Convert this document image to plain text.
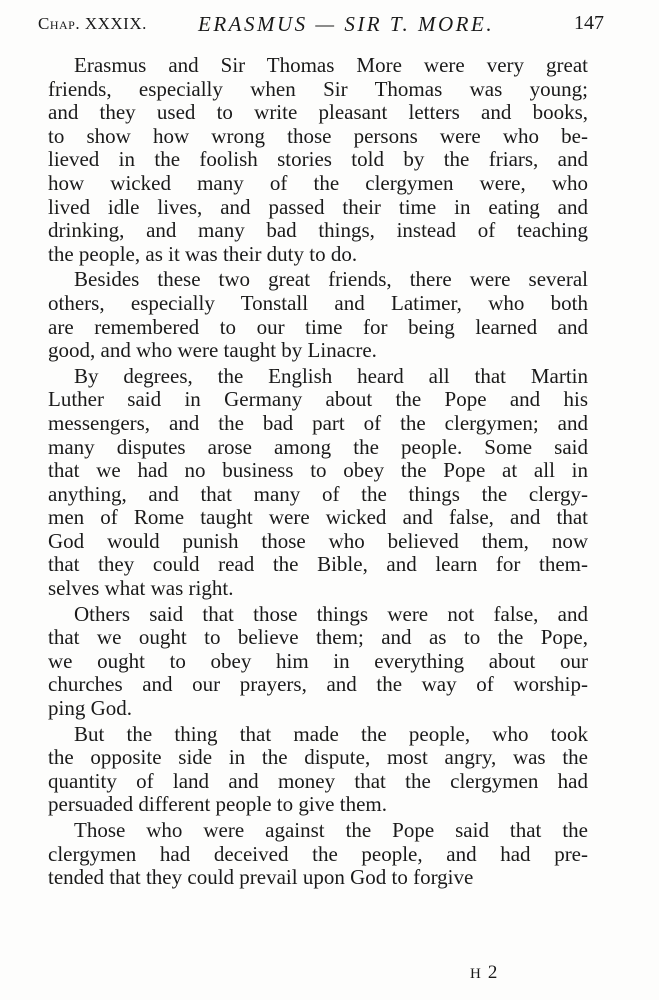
Chap. XXXIX. ERASMUS — SIR T. MORE.	147
Erasmus and Sir Thomas More were very great
friends, especially when Sir Thomas was young;
and they used to write pleasant letters and books,
to show how wrong those persons were who be-
lieved in the foolish stories told by the friars, and
how wicked many of the clergymen were, who
lived idle lives, and passed their time in eating and
drinking, and many bad things, instead of teaching
the people, as it was their duty to do.
Besides these two great friends, there were several
others, especially Tonstall and Latimer, who both
are remembered to our time for being learned and
good, and who were taught by Linacre.
By degrees, the English heard all that Martin
Luther said in Germany about the Pope and his
messengers, and the bad part of the clergymen; and
many disputes arose among the people. Some said
that we had no business to obey the Pope at all in
anything, and that many of the things the clergy-
men of Rome taught were wicked and false, and that
God would punish those who believed them, now
that they could read the Bible, and learn for them-
selves what was right.
Others said that those things were not false, and
that we ought to believe them; and as to the Pope,
we ought to obey him in everything about our
churches and our prayers, and the way of worship-
ping God.
But the thing that made the people, who took
the opposite side in the dispute, most angry, was the
quantity of land and money that the clergymen had
persuaded different people to give them.
Those who were against the Pope said that the
clergymen had deceived the people, and had pre-
tended that they could prevail upon God to forgive
H 2
